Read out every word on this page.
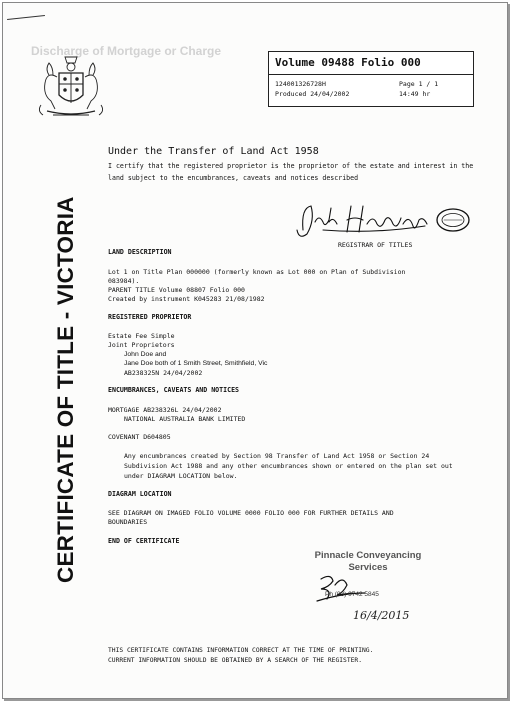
Discharge of Mortgage or Charge
Volume 09488 Folio 000
124001326728H
Produced 24/04/2002
Page 1 / 1
14:49 hr
CERTIFICATE OF TITLE - VICTORIA
Under the Transfer of Land Act 1958
I certify that the registered proprietor is the proprietor of the estate and interest in the land subject to the encumbrances, caveats and notices described
REGISTRAR OF TITLES
LAND DESCRIPTION
Lot 1 on Title Plan 000000 (formerly known as Lot 000 on Plan of Subdivision
083984).
PARENT TITLE Volume 08807 Folio 000
Created by instrument K045283 21/08/1982
REGISTERED PROPRIETOR
Estate Fee Simple
Joint Proprietors
John Doe and
Jane Doe both of 1 Smith Street, Smithfield, Vic
AB238325N 24/04/2002
ENCUMBRANCES, CAVEATS AND NOTICES
MORTGAGE AB238326L 24/04/2002
NATIONAL AUSTRALIA BANK LIMITED
COVENANT D604805
Any encumbrances created by Section 98 Transfer of Land Act 1958 or Section 24 Subdivision Act 1988 and any other encumbrances shown or entered on the plan set out under DIAGRAM LOCATION below.
DIAGRAM LOCATION
SEE DIAGRAM ON IMAGED FOLIO VOLUME 0000 FOLIO 000 FOR FURTHER DETAILS AND
BOUNDARIES
END OF CERTIFICATE
Pinnacle Conveyancing
Services
Ph (03) 9742 5845
16/4/2015
THIS CERTIFICATE CONTAINS INFORMATION CORRECT AT THE TIME OF PRINTING.
CURRENT INFORMATION SHOULD BE OBTAINED BY A SEARCH OF THE REGISTER.
